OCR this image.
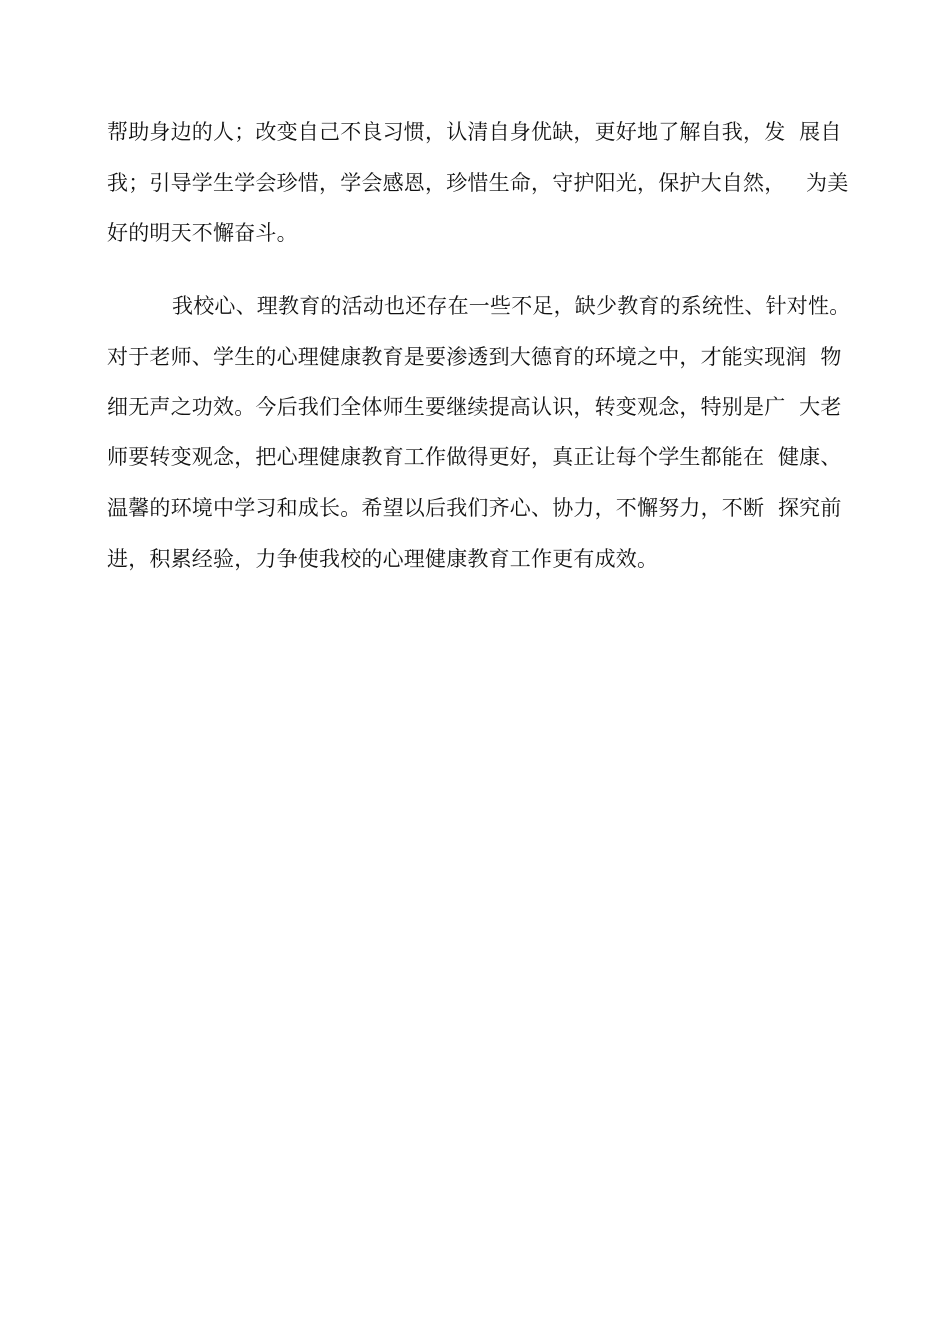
帮助身边的人；改变自己不良习惯，认清自身优缺，更好地了解自我，发  展自
我；引导学生学会珍惜，学会感恩，珍惜生命，守护阳光，保护大自然，   为美
好的明天不懈奋斗。
我校心、理教育的活动也还存在一些不足，缺少教育的系统性、针对性。
对于老师、学生的心理健康教育是要渗透到大德育的环境之中，才能实现润  物
细无声之功效。今后我们全体师生要继续提高认识，转变观念，特别是广  大老
师要转变观念，把心理健康教育工作做得更好，真正让每个学生都能在  健康、
温馨的环境中学习和成长。希望以后我们齐心、协力，不懈努力，不断  探究前
进，积累经验，力争使我校的心理健康教育工作更有成效。
